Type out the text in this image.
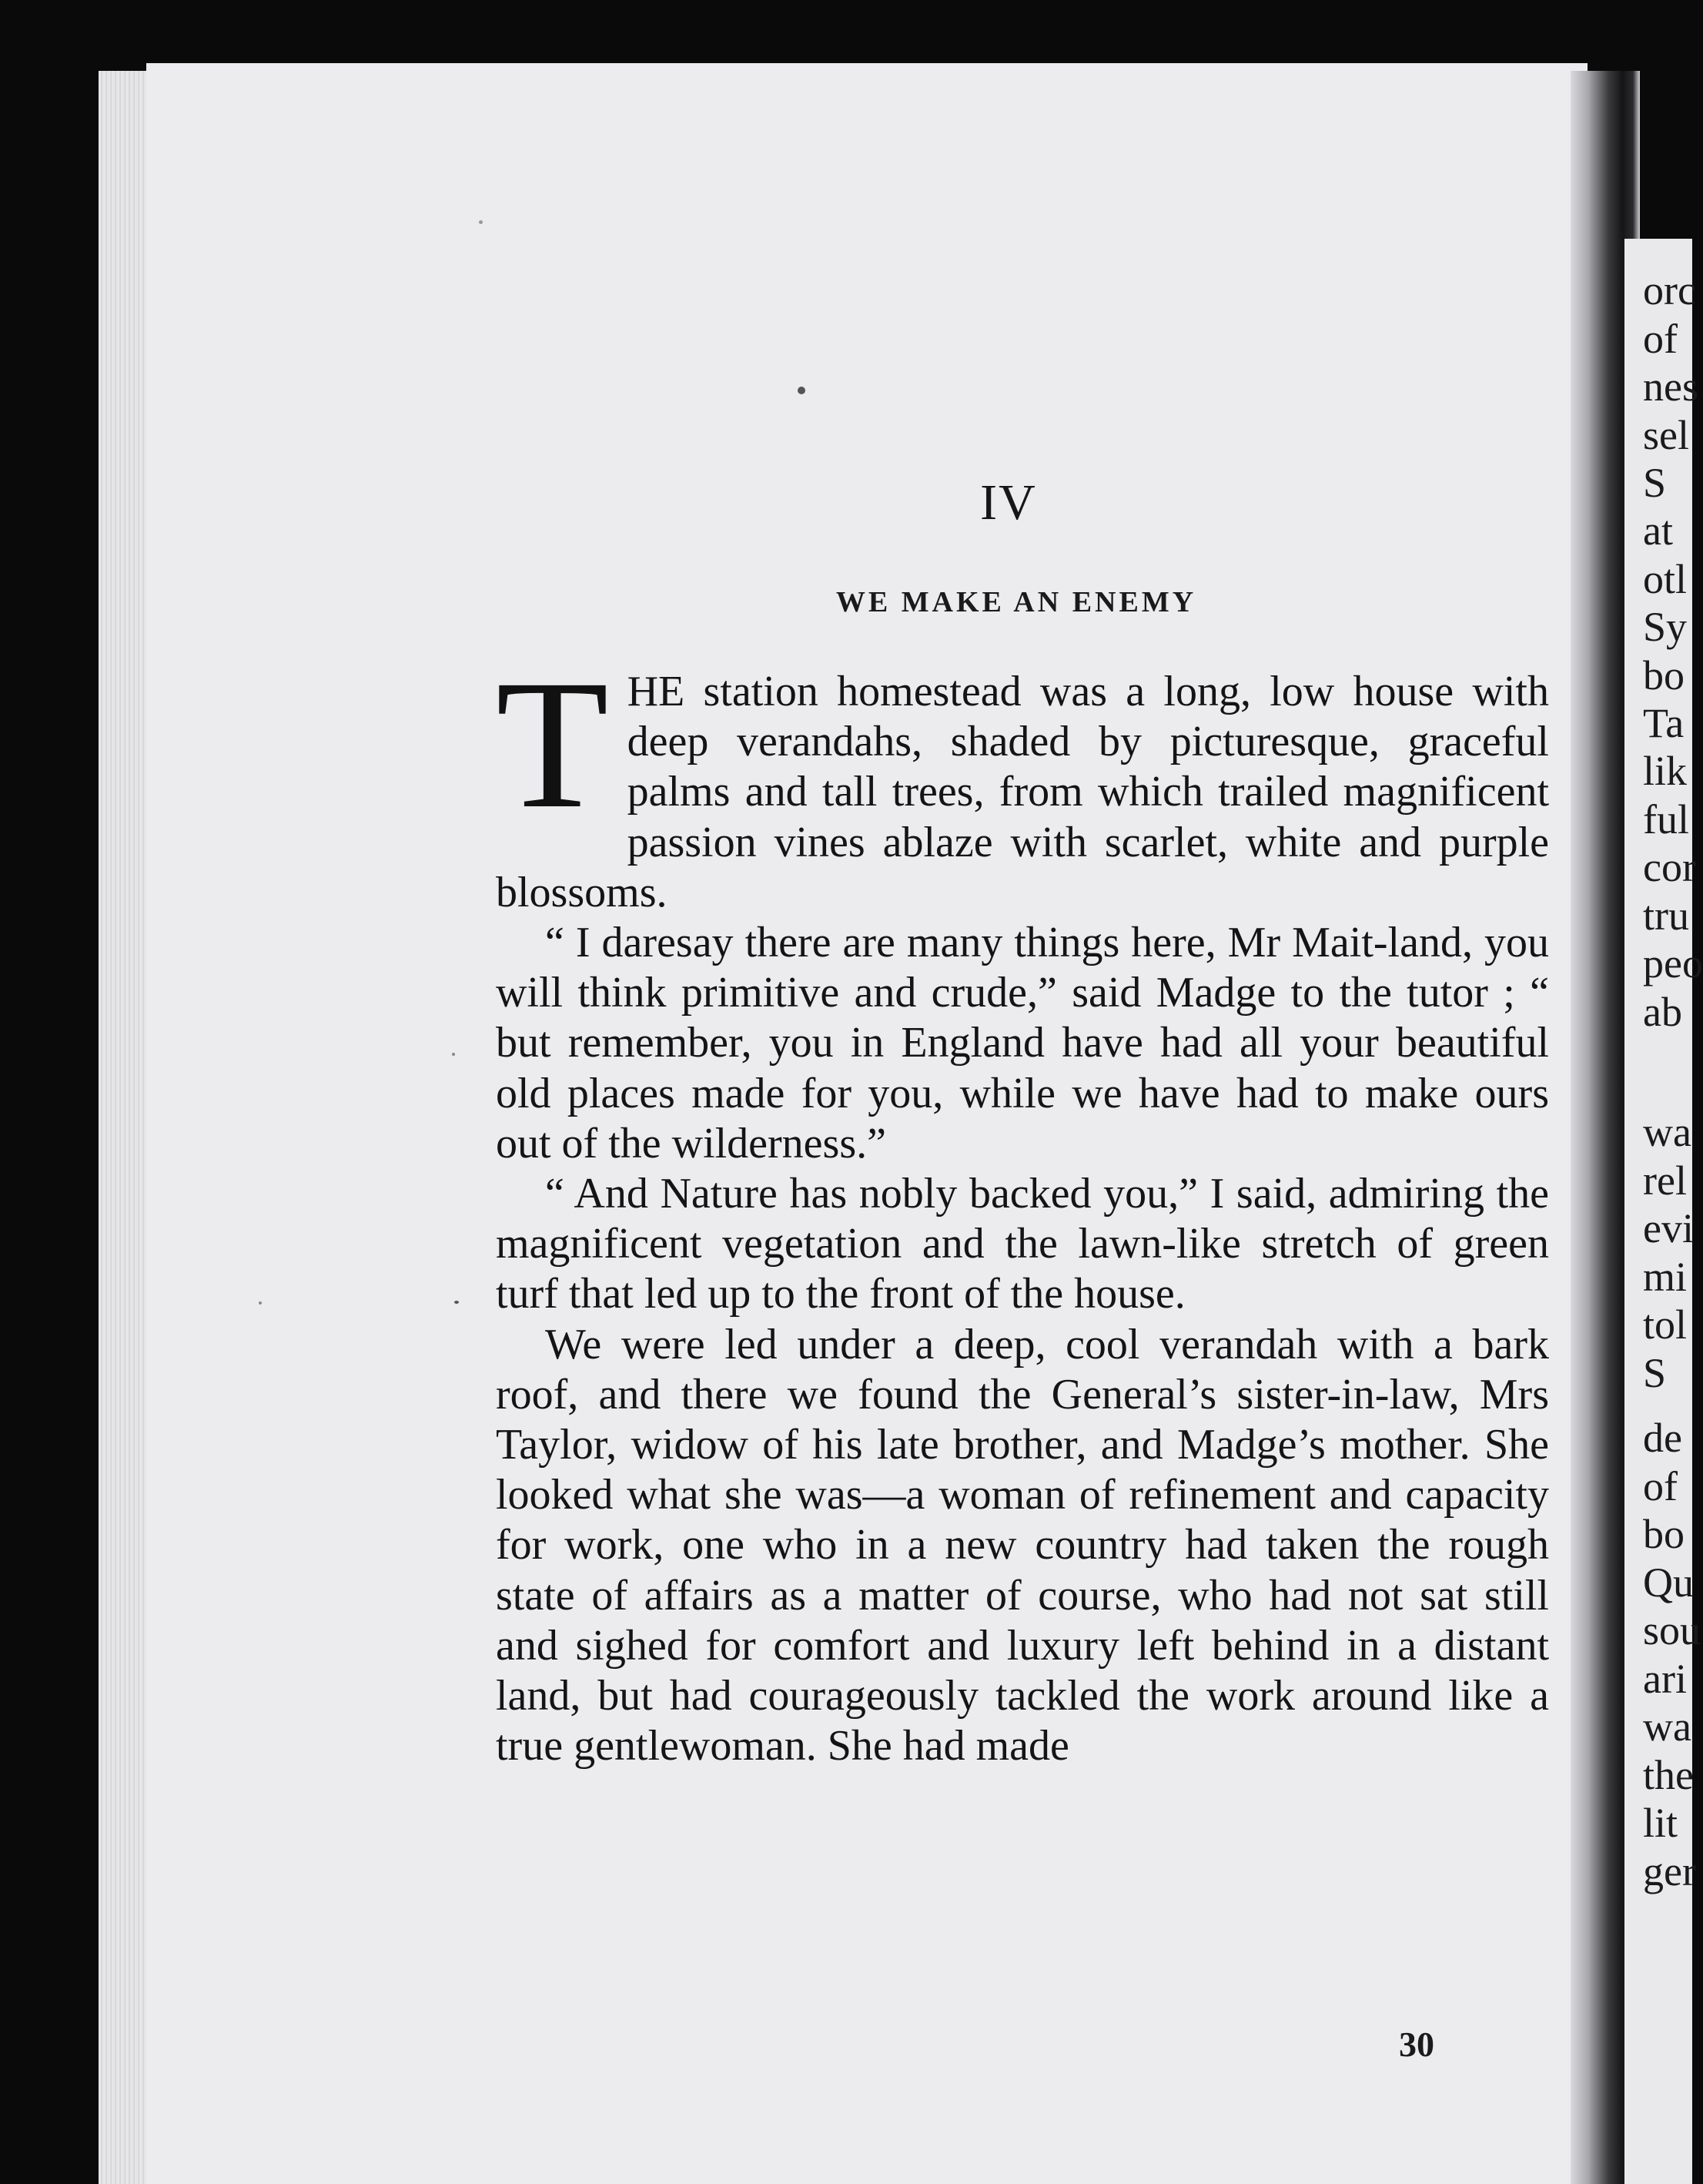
orc
of
nes
sel
S
at
otl
Sy
bo
Ta
lik
ful
cor
tru
peo
ab
wa
rel
evi
mi
tol
S
de
of
bo
Qu
sou
ari
wa
the
lit
ger
IV
WE MAKE AN ENEMY

THE station homestead was a long, low house with deep verandahs, shaded by picturesque, graceful palms and tall trees, from which trailed magnificent passion vines ablaze with scarlet, white and purple blossoms.

“ I daresay there are many things here, Mr Mait-land, you will think primitive and crude,” said Madge to the tutor ; “ but remember, you in England have had all your beautiful old places made for you, while we have had to make ours out of the wilderness.”

“ And Nature has nobly backed you,” I said, admiring the magnificent vegetation and the lawn-like stretch of green turf that led up to the front of the house.

We were led under a deep, cool verandah with a bark roof, and there we found the General’s sister-in-law, Mrs Taylor, widow of his late brother, and Madge’s mother. She looked what she was—a woman of refinement and capacity for work, one who in a new country had taken the rough state of affairs as a matter of course, who had not sat still and sighed for comfort and luxury left behind in a distant land, but had courageously tackled the work around like a true gentlewoman. She had made

30
